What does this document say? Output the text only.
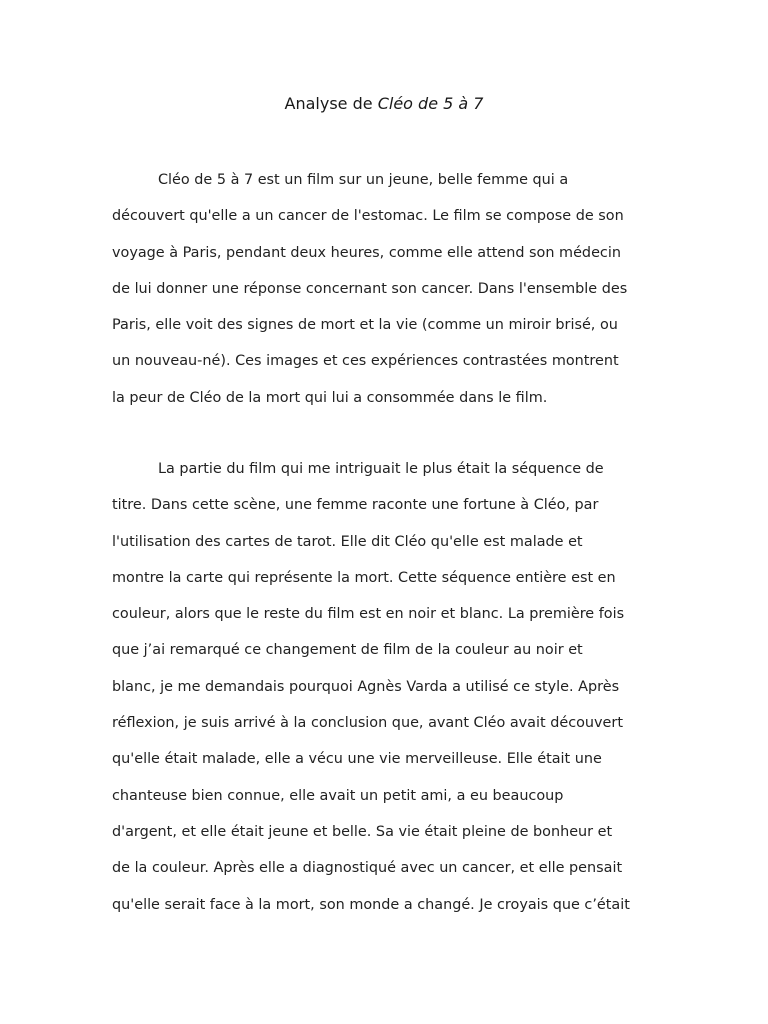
Analyse de Cléo de 5 à 7
Cléo de 5 à 7 est un film sur un jeune, belle femme qui a
découvert qu'elle a un cancer de l'estomac. Le film se compose de son
voyage à Paris, pendant deux heures, comme elle attend son médecin
de lui donner une réponse concernant son cancer. Dans l'ensemble des
Paris, elle voit des signes de mort et la vie (comme un miroir brisé, ou
un nouveau-né). Ces images et ces expériences contrastées montrent
la peur de Cléo de la mort qui lui a consommée dans le film.
La partie du film qui me intriguait le plus était la séquence de
titre. Dans cette scène, une femme raconte une fortune à Cléo, par
l'utilisation des cartes de tarot. Elle dit Cléo qu'elle est malade et
montre la carte qui représente la mort. Cette séquence entière est en
couleur, alors que le reste du film est en noir et blanc. La première fois
que j’ai remarqué ce changement de film de la couleur au noir et
blanc, je me demandais pourquoi Agnès Varda a utilisé ce style. Après
réflexion, je suis arrivé à la conclusion que, avant Cléo avait découvert
qu'elle était malade, elle a vécu une vie merveilleuse. Elle était une
chanteuse bien connue, elle avait un petit ami, a eu beaucoup
d'argent, et elle était jeune et belle. Sa vie était pleine de bonheur et
de la couleur. Après elle a diagnostiqué avec un cancer, et elle pensait
qu'elle serait face à la mort, son monde a changé. Je croyais que c’était
